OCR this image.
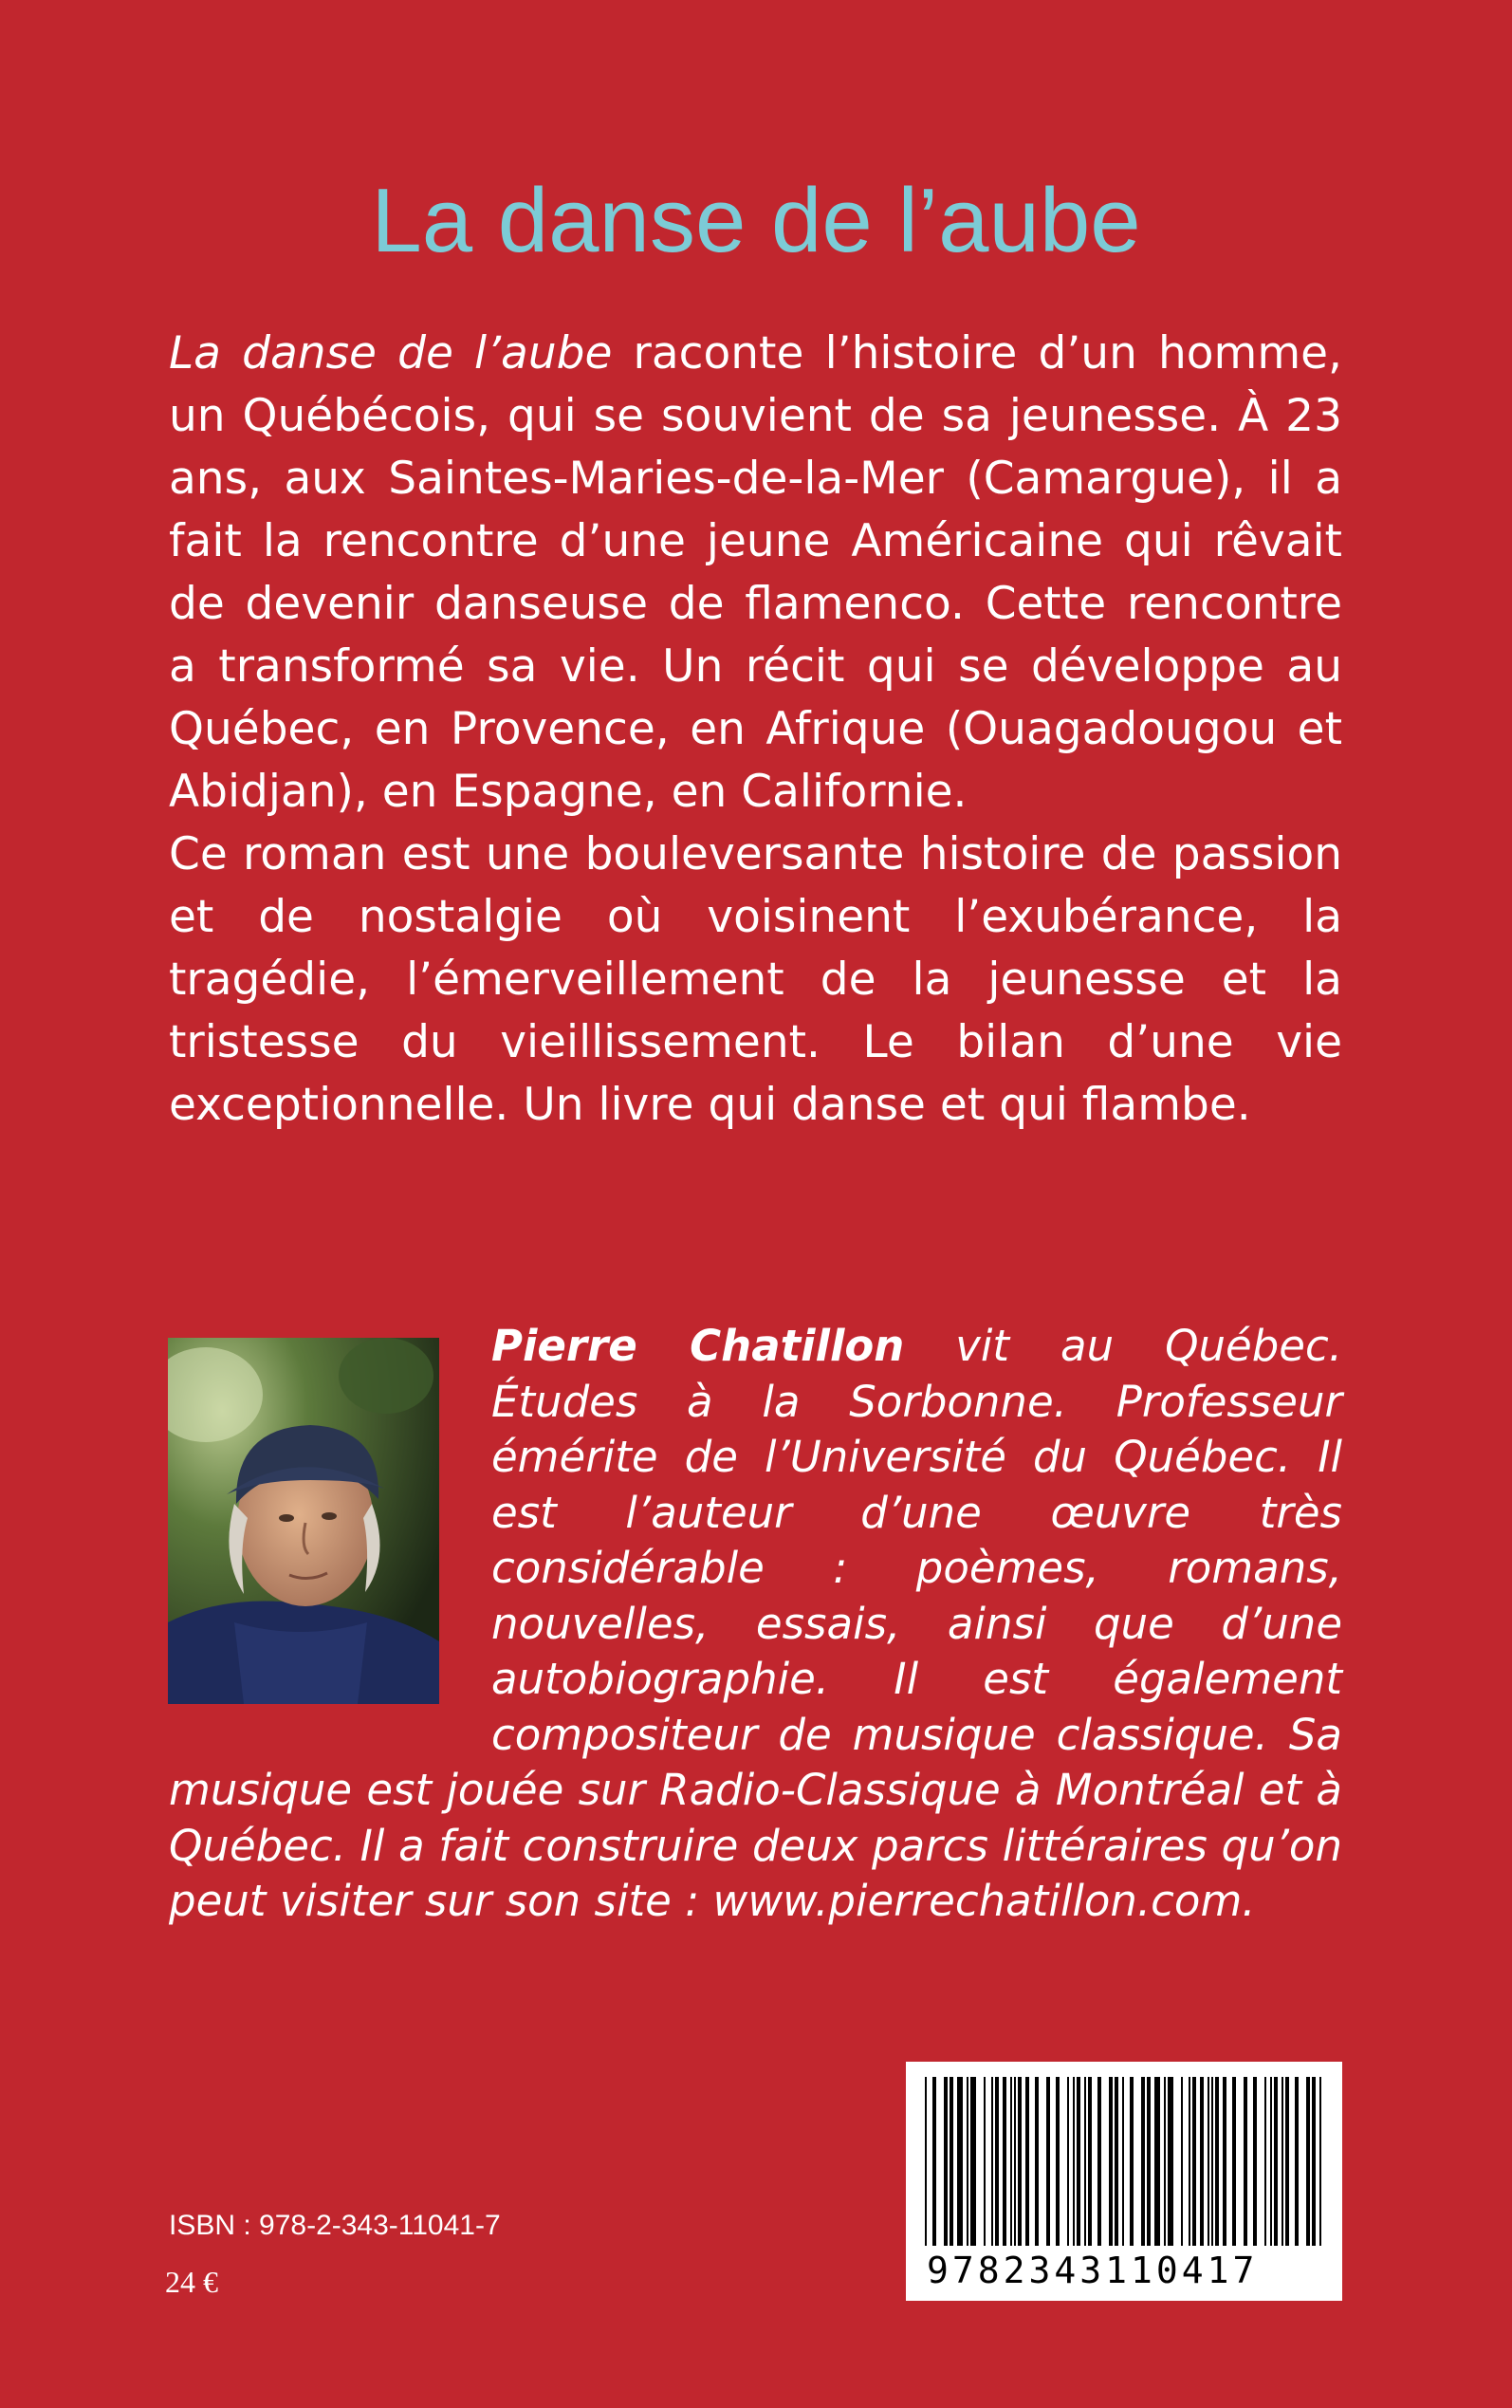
La danse de l’aube

La danse de l’aube raconte l’histoire d’un homme, un Québécois, qui se souvient de sa jeunesse. À 23 ans, aux Saintes-Maries-de-la-Mer (Camargue), il a fait la rencontre d’une jeune Américaine qui rêvait de devenir danseuse de flamenco. Cette rencontre a transformé sa vie. Un récit qui se développe au Québec, en Provence, en Afrique (Ouagadougou et Abidjan), en Espagne, en Californie.

Ce roman est une bouleversante histoire de passion et de nostalgie où voisinent l’exubérance, la tragédie, l’émerveillement de la jeunesse et la tristesse du vieillissement. Le bilan d’une vie exceptionnelle. Un livre qui danse et qui flambe.

Pierre Chatillon vit au Québec. Études à la Sorbonne. Professeur émérite de l’Université du Québec. Il est l’auteur d’une œuvre très considérable : poèmes, romans, nouvelles, essais, ainsi que d’une autobiographie. Il est également compositeur de musique classique. Sa musique est jouée sur Radio-Classique à Montréal et à Québec. Il a fait construire deux parcs littéraires qu’on peut visiter sur son site : www.pierrechatillon.com.
ISBN : 978-2-343-11041-7
24 €	9782343110417
